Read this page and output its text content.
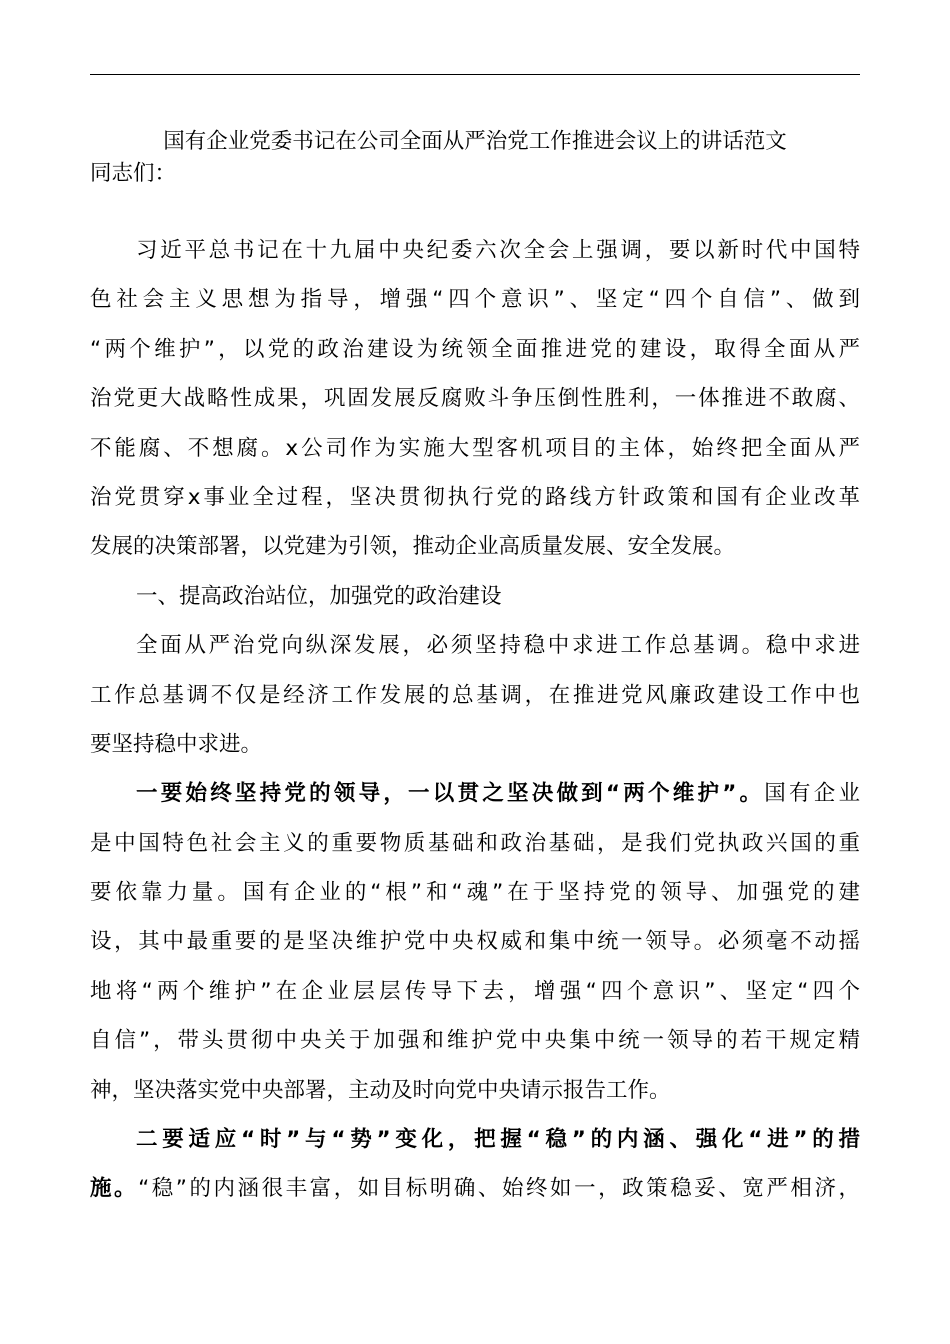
国有企业党委书记在公司全面从严治党工作推进会议上的讲话范文
同志们：
习近平总书记在十九届中央纪委六次全会上强调，要以新时代中国特
色社会主义思想为指导，增强“四个意识”、坚定“四个自信”、做到
“两个维护”，以党的政治建设为统领全面推进党的建设，取得全面从严
治党更大战略性成果，巩固发展反腐败斗争压倒性胜利，一体推进不敢腐、
不能腐、不想腐。x公司作为实施大型客机项目的主体，始终把全面从严
治党贯穿x事业全过程，坚决贯彻执行党的路线方针政策和国有企业改革
发展的决策部署，以党建为引领，推动企业高质量发展、安全发展。
一、提高政治站位，加强党的政治建设
全面从严治党向纵深发展，必须坚持稳中求进工作总基调。稳中求进
工作总基调不仅是经济工作发展的总基调，在推进党风廉政建设工作中也
要坚持稳中求进。
一要始终坚持党的领导，一以贯之坚决做到“两个维护”。国有企业
是中国特色社会主义的重要物质基础和政治基础，是我们党执政兴国的重
要依靠力量。国有企业的“根”和“魂”在于坚持党的领导、加强党的建
设，其中最重要的是坚决维护党中央权威和集中统一领导。必须毫不动摇
地将“两个维护”在企业层层传导下去，增强“四个意识”、坚定“四个
自信”，带头贯彻中央关于加强和维护党中央集中统一领导的若干规定精
神，坚决落实党中央部署，主动及时向党中央请示报告工作。
二要适应“时”与“势”变化，把握“稳”的内涵、强化“进”的措
施。“稳”的内涵很丰富，如目标明确、始终如一，政策稳妥、宽严相济，
